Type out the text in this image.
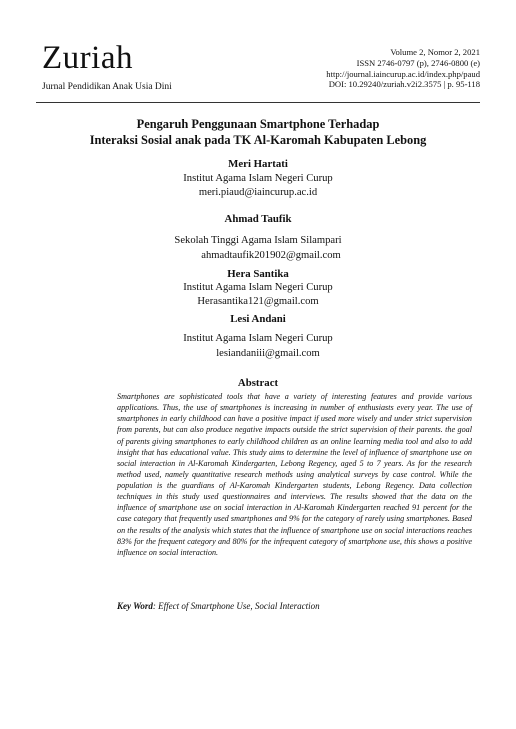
Zuriah
Jurnal Pendidikan Anak Usia Dini
Volume 2, Nomor 2, 2021
ISSN 2746-0797 (p), 2746-0800 (e)
http://journal.iaincurup.ac.id/index.php/paud
DOI: 10.29240/zuriah.v2i2.3575 | p. 95-118
Pengaruh Penggunaan Smartphone Terhadap
Interaksi Sosial anak pada TK Al-Karomah Kabupaten Lebong
Meri Hartati
Institut Agama Islam Negeri Curup
meri.piaud@iaincurup.ac.id
Ahmad Taufik
Sekolah Tinggi Agama Islam Silampari
ahmadtaufik201902@gmail.com
Hera Santika
Institut Agama Islam Negeri Curup
Herasantika121@gmail.com
Lesi Andani
Institut Agama Islam Negeri Curup
lesiandaniii@gmail.com
Abstract

Smartphones are sophisticated tools that have a variety of interesting features and provide various applications. Thus, the use of smartphones is increasing in number of enthusiasts every year. The use of smartphones in early childhood can have a positive impact if used more wisely and under strict supervision from parents, but can also produce negative impacts outside the strict supervision of their parents. the goal of parents giving smartphones to early childhood children as an online learning media tool and also to add insight that has educational value. This study aims to determine the level of influence of smartphone use on social interaction in Al-Karomah Kindergarten, Lebong Regency, aged 5 to 7 years. As for the research method used, namely quantitative research methods using analytical surveys by case control. While the population is the guardians of Al-Karomah Kindergarten students, Lebong Regency. Data collection techniques in this study used questionnaires and interviews. The results showed that the data on the influence of smartphone use on social interaction in Al-Karomah Kindergarten reached 91 percent for the case category that frequently used smartphones and 9% for the category of rarely using smartphones. Based on the results of the analysis which states that the influence of smartphone use on social interactions reaches 83% for the frequent category and 80% for the infrequent category of smartphone use, this shows a positive influence on social interaction.

Key Word: Effect of Smartphone Use, Social Interaction
